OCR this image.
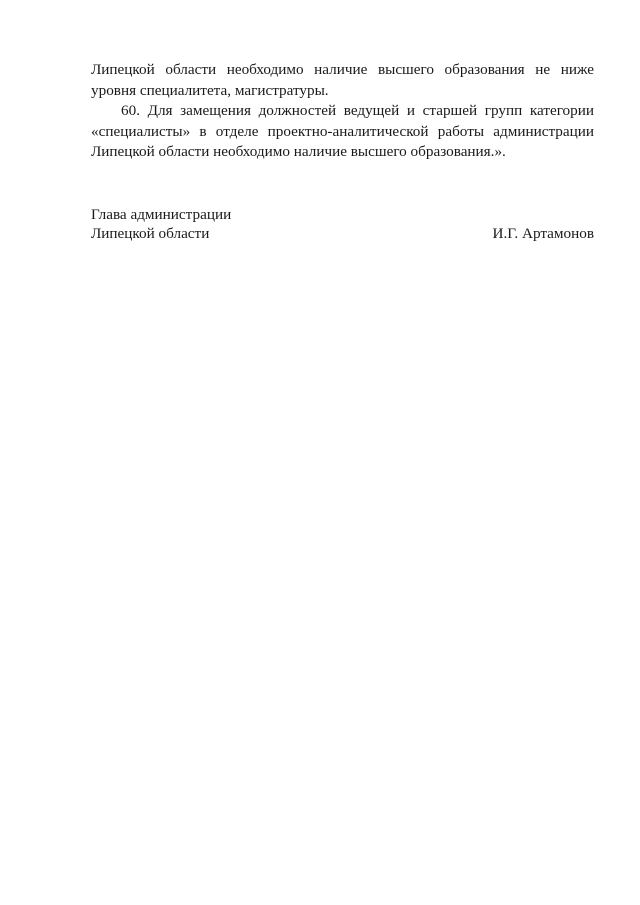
Липецкой области необходимо наличие высшего образования не ниже уровня специалитета, магистратуры.

60. Для замещения должностей ведущей и старшей групп категории «специалисты» в отделе проектно-аналитической работы администрации Липецкой области необходимо наличие высшего образования.».

Глава администрации

Липецкой области	И.Г. Артамонов
